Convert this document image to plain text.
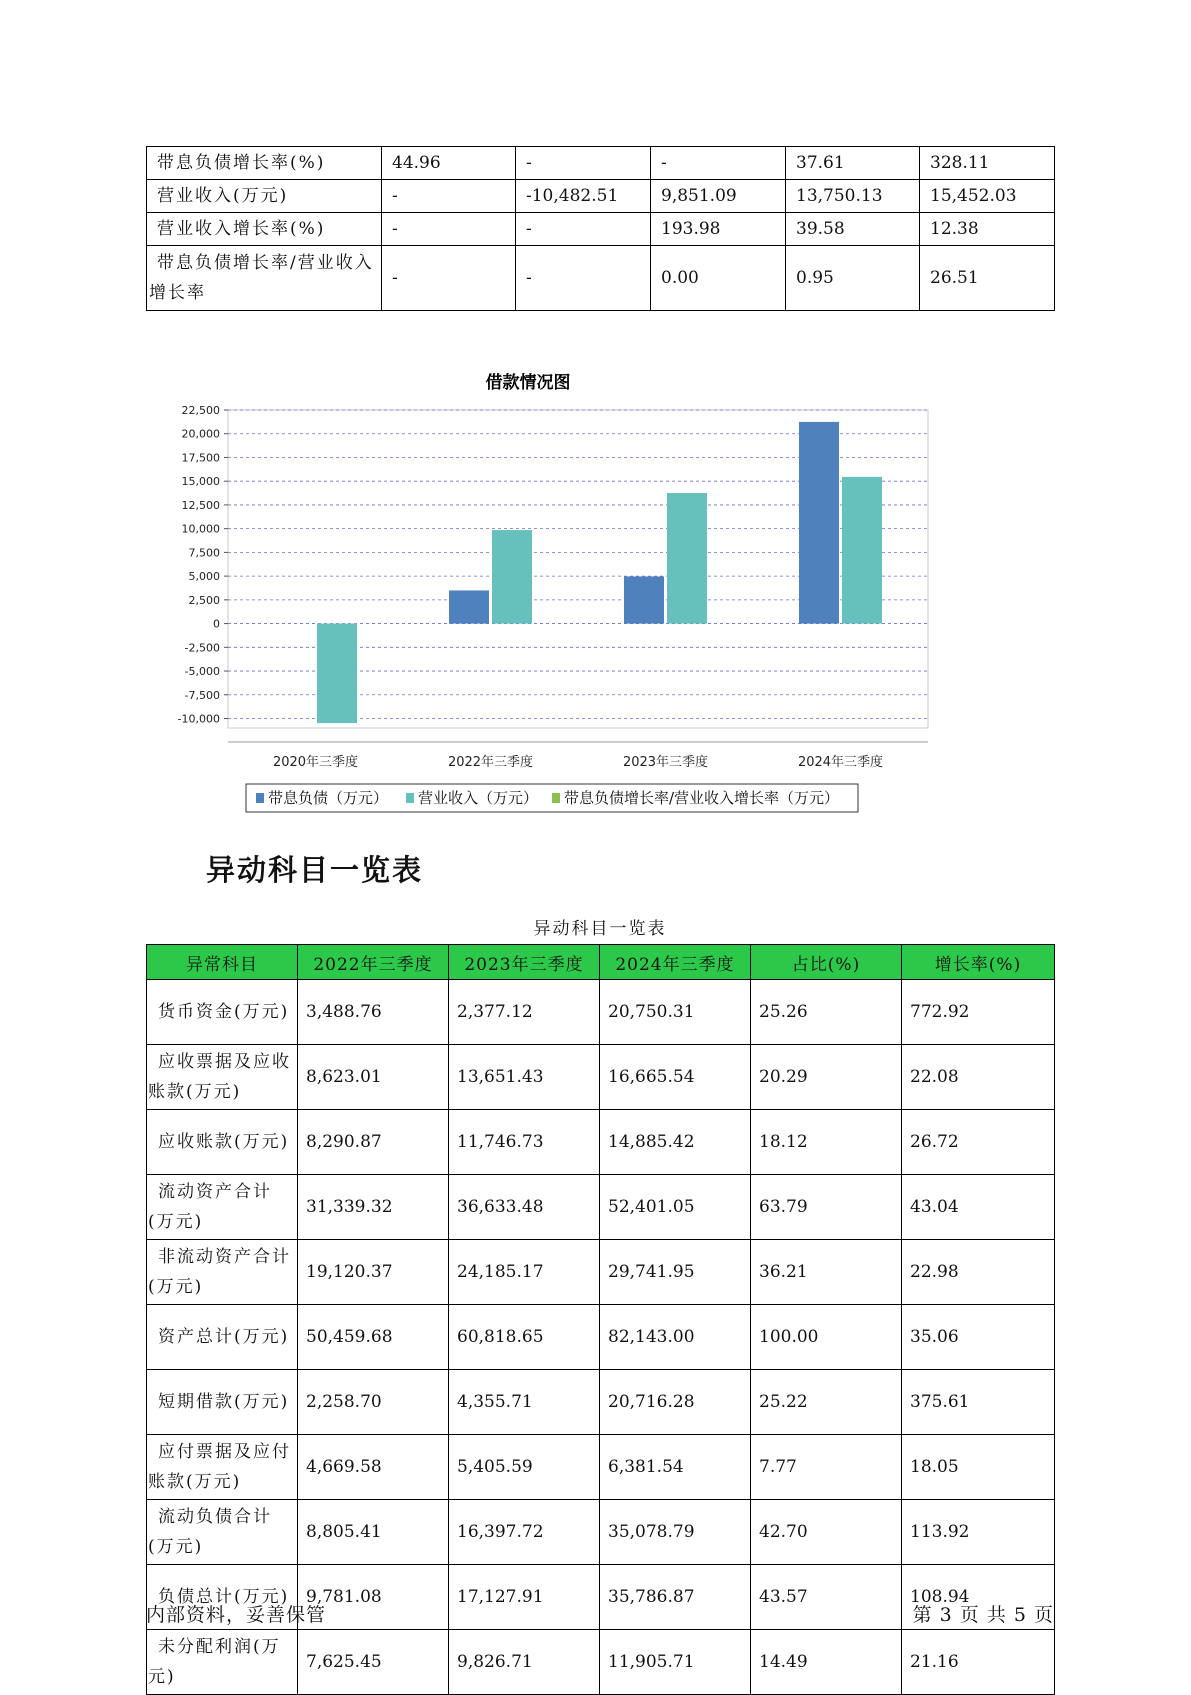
带息负债增长率(%)	44.96	-	-	37.61	328.11
营业收入(万元)	-	-10,482.51	9,851.09	13,750.13	15,452.03
营业收入增长率(%)	-	-	193.98	39.58	12.38
带息负债增长率/营业收入增长率	-	-	0.00	0.95	26.51
借款情况图
22,500
20,000
17,500
15,000
12,500
10,000
7,500
5,000
2,500
0
-2,500
-5,000
-7,500
-10,000
2020年三季度	2022年三季度	2023年三季度	2024年三季度
带息负债（万元） 营业收入（万元） 带息负债增长率/营业收入增长率（万元）
异动科目一览表
异动科目一览表
异常科目	2022年三季度	2023年三季度	2024年三季度	占比(%)	增长率(%)
货币资金(万元)	3,488.76	2,377.12	20,750.31	25.26	772.92
应收票据及应收账款(万元)	8,623.01	13,651.43	16,665.54	20.29	22.08
应收账款(万元)	8,290.87	11,746.73	14,885.42	18.12	26.72
流动资产合计(万元)	31,339.32	36,633.48	52,401.05	63.79	43.04
非流动资产合计(万元)	19,120.37	24,185.17	29,741.95	36.21	22.98
资产总计(万元)	50,459.68	60,818.65	82,143.00	100.00	35.06
短期借款(万元)	2,258.70	4,355.71	20,716.28	25.22	375.61
应付票据及应付账款(万元)	4,669.58	5,405.59	6,381.54	7.77	18.05
流动负债合计(万元)	8,805.41	16,397.72	35,078.79	42.70	113.92
负债总计(万元)	9,781.08	17,127.91	35,786.87	43.57	108.94
未分配利润(万元)	7,625.45	9,826.71	11,905.71	14.49	21.16
内部资料，妥善保管	第 3 页 共 5 页
